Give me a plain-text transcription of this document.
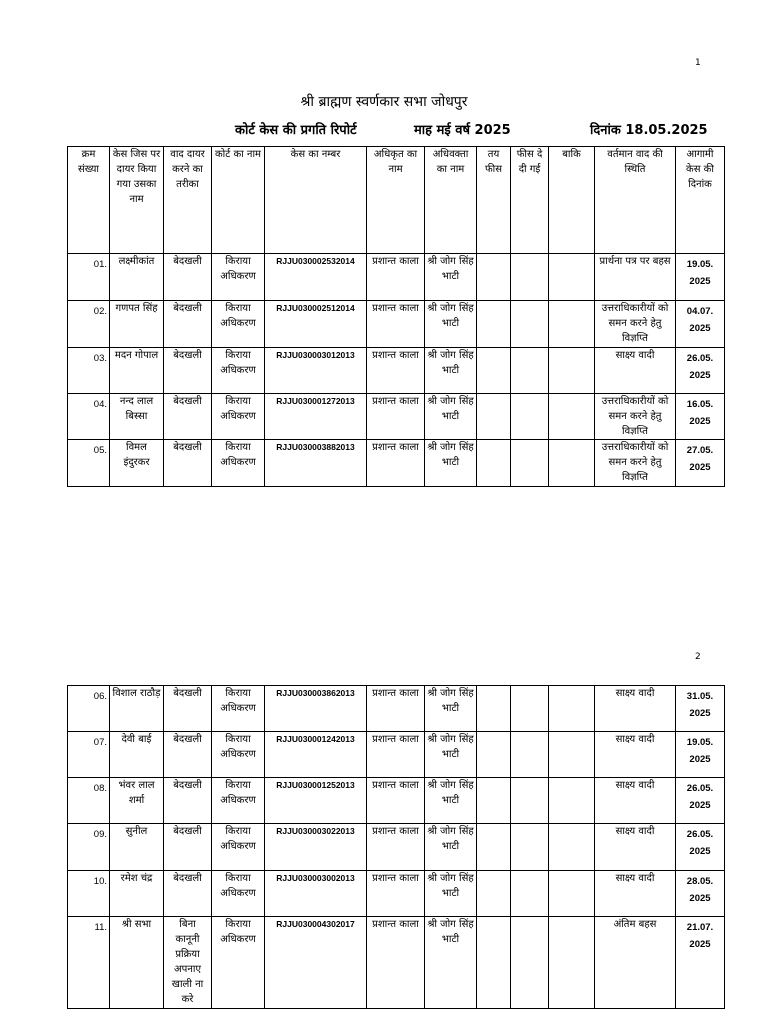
1
श्री ब्राह्मण स्वर्णकार सभा जोधपुर
कोर्ट केस की प्रगति रिपोर्ट	माह मई वर्ष 2025	दिनांक 18.05.2025
क्रम संख्या	केस जिस पर दायर किया गया उसका नाम	वाद दायर करने का तरीका	कोर्ट का नाम	केस का नम्बर	अधिकृत का नाम	अधिवक्ता का नाम	तय फीस	फीस दे दी गई	बाकि	वर्तमान वाद की स्थिति	आगामी केस की दिनांक
01.	लक्ष्मीकांत	बेदखली	किराया अधिकरण	RJJU030002532014	प्रशान्त काला	श्री जोग सिंह भाटी				प्रार्थना पत्र पर बहस	19.05. 2025
02.	गणपत सिंह	बेदखली	किराया अधिकरण	RJJU030002512014	प्रशान्त काला	श्री जोग सिंह भाटी				उत्तराधिकारीयों को समन करने हेतु विज्ञप्ति	04.07. 2025
03.	मदन गोपाल	बेदखली	किराया अधिकरण	RJJU030003012013	प्रशान्त काला	श्री जोग सिंह भाटी				साक्ष्य वादी	26.05. 2025
04.	नन्द लाल बिस्सा	बेदखली	किराया अधिकरण	RJJU030001272013	प्रशान्त काला	श्री जोग सिंह भाटी				उत्तराधिकारीयों को समन करने हेतु विज्ञप्ति	16.05. 2025
05.	विमल इंदुरकर	बेदखली	किराया अधिकरण	RJJU030003882013	प्रशान्त काला	श्री जोग सिंह भाटी				उत्तराधिकारीयों को समन करने हेतु विज्ञप्ति	27.05. 2025
2
06.	विशाल राठौड़	बेदखली	किराया अधिकरण	RJJU030003862013	प्रशान्त काला	श्री जोग सिंह भाटी				साक्ष्य वादी	31.05. 2025
07.	देवी बाई	बेदखली	किराया अधिकरण	RJJU030001242013	प्रशान्त काला	श्री जोग सिंह भाटी				साक्ष्य वादी	19.05. 2025
08.	भंवर लाल शर्मा	बेदखली	किराया अधिकरण	RJJU030001252013	प्रशान्त काला	श्री जोग सिंह भाटी				साक्ष्य वादी	26.05. 2025
09.	सुनील	बेदखली	किराया अधिकरण	RJJU030003022013	प्रशान्त काला	श्री जोग सिंह भाटी				साक्ष्य वादी	26.05. 2025
10.	रमेश चंद्र	बेदखली	किराया अधिकरण	RJJU030003002013	प्रशान्त काला	श्री जोग सिंह भाटी				साक्ष्य वादी	28.05. 2025
11.	श्री सभा	बिना कानूनी प्रक्रिया अपनाए खाली ना करे	किराया अधिकरण	RJJU030004302017	प्रशान्त काला	श्री जोग सिंह भाटी				अंतिम बहस	21.07. 2025
